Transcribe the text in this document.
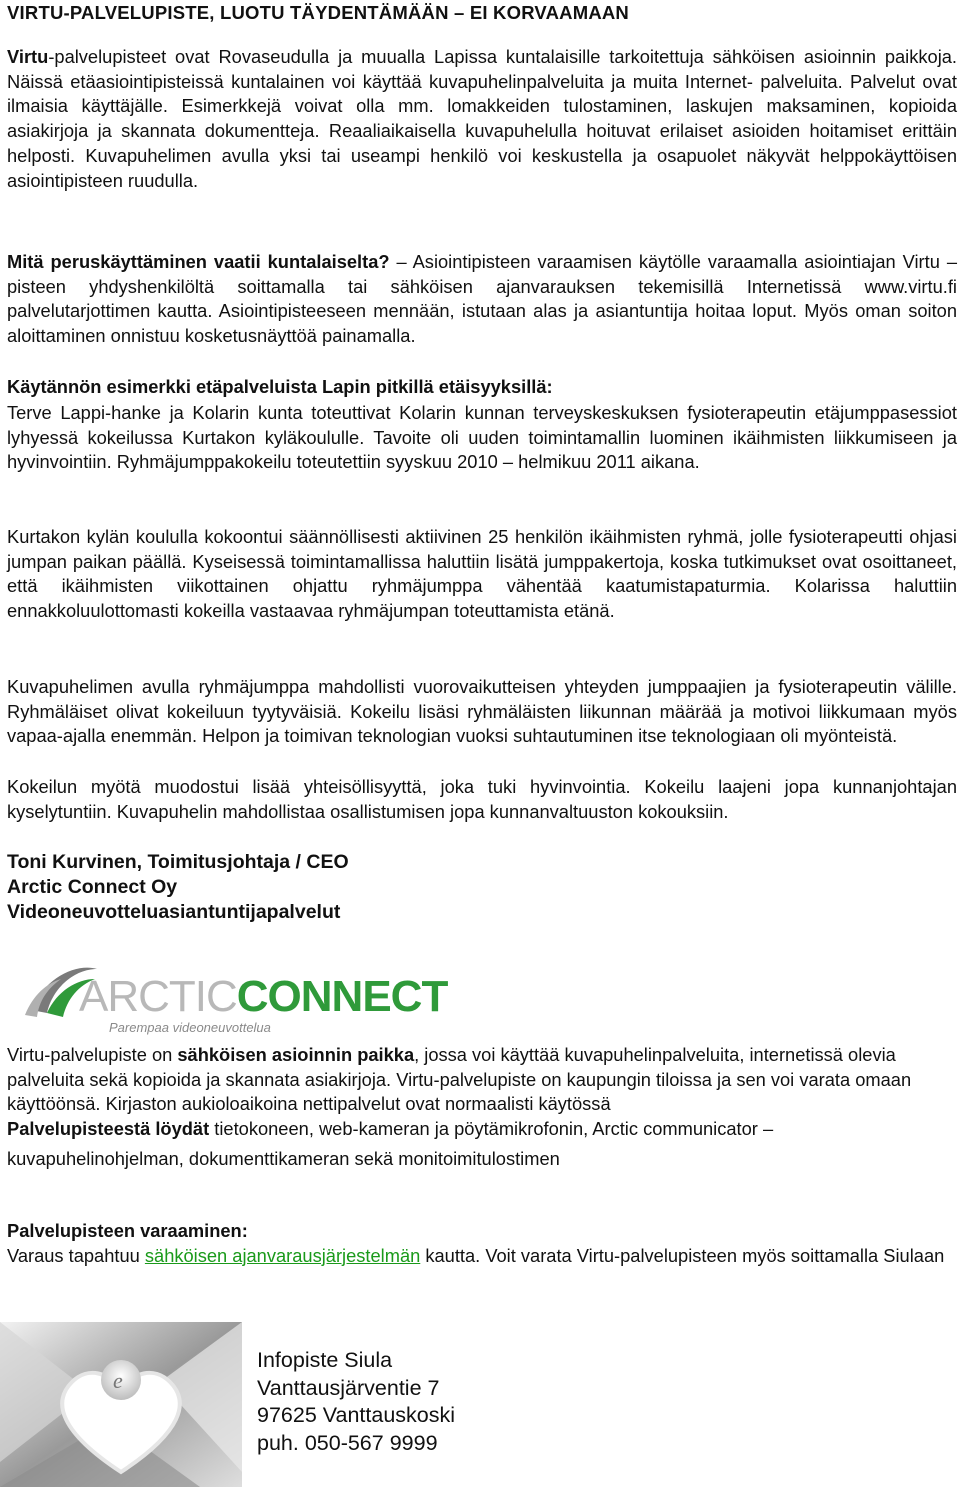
VIRTU-PALVELUPISTE, LUOTU TÄYDENTÄMÄÄN – EI KORVAAMAAN

Virtu-palvelupisteet ovat Rovaseudulla ja muualla Lapissa kuntalaisille tarkoitettuja sähköisen asioinnin paikkoja. Näissä etäasiointipisteissä kuntalainen voi käyttää kuvapuhelinpalveluita ja muita Internet- palveluita. Palvelut ovat ilmaisia käyttäjälle. Esimerkkejä voivat olla mm. lomakkeiden tulostaminen, laskujen maksaminen, kopioida asiakirjoja ja skannata dokumentteja. Reaaliaikaisella kuvapuhelulla hoituvat erilaiset asioiden hoitamiset erittäin helposti. Kuvapuhelimen avulla yksi tai useampi henkilö voi keskustella ja osapuolet näkyvät helppokäyttöisen asiointipisteen ruudulla.

Mitä peruskäyttäminen vaatii kuntalaiselta? – Asiointipisteen varaamisen käytölle varaamalla asiointiajan Virtu – pisteen yhdyshenkilöltä soittamalla tai sähköisen ajanvarauksen tekemisillä Internetissä www.virtu.fi palvelutarjottimen kautta. Asiointipisteeseen mennään, istutaan alas ja asiantuntija hoitaa loput. Myös oman soiton aloittaminen onnistuu kosketusnäyttöä painamalla.

Käytännön esimerkki etäpalveluista Lapin pitkillä etäisyyksillä:

Terve Lappi-hanke ja Kolarin kunta toteuttivat Kolarin kunnan terveyskeskuksen fysioterapeutin etäjumppasessiot lyhyessä kokeilussa Kurtakon kyläkoululle. Tavoite oli uuden toimintamallin luominen ikäihmisten liikkumiseen ja hyvinvointiin. Ryhmäjumppakokeilu toteutettiin syyskuu 2010 – helmikuu 2011 aikana.

Kurtakon kylän koululla kokoontui säännöllisesti aktiivinen 25 henkilön ikäihmisten ryhmä, jolle fysioterapeutti ohjasi jumpan paikan päällä. Kyseisessä toimintamallissa haluttiin lisätä jumppakertoja, koska tutkimukset ovat osoittaneet, että ikäihmisten viikottainen ohjattu ryhmäjumppa vähentää kaatumistapaturmia. Kolarissa haluttiin ennakkoluulottomasti kokeilla vastaavaa ryhmäjumpan toteuttamista etänä.

Kuvapuhelimen avulla ryhmäjumppa mahdollisti vuorovaikutteisen yhteyden jumppaajien ja fysioterapeutin välille. Ryhmäläiset olivat kokeiluun tyytyväisiä. Kokeilu lisäsi ryhmäläisten liikunnan määrää ja motivoi liikkumaan myös vapaa-ajalla enemmän. Helpon ja toimivan teknologian vuoksi suhtautuminen itse teknologiaan oli myönteistä.

Kokeilun myötä muodostui lisää yhteisöllisyyttä, joka tuki hyvinvointia. Kokeilu laajeni jopa kunnanjohtajan kyselytuntiin. Kuvapuhelin mahdollistaa osallistumisen jopa kunnanvaltuuston kokouksiin.

Toni Kurvinen, Toimitusjohtaja / CEO
Arctic Connect Oy
Videoneuvotteluasiantuntijapalvelut
ARCTICCONNECT
Parempaa videoneuvottelua
Virtu-palvelupiste on sähköisen asioinnin paikka, jossa voi käyttää kuvapuhelinpalveluita, internetissä olevia palveluita sekä kopioida ja skannata asiakirjoja. Virtu-palvelupiste on kaupungin tiloissa ja sen voi varata omaan käyttöönsä. Kirjaston aukioloaikoina nettipalvelut ovat normaalisti käytössä
Palvelupisteestä löydät tietokoneen, web-kameran ja pöytämikrofonin, Arctic communicator –
kuvapuhelinohjelman, dokumenttikameran sekä monitoimitulostimen
Palvelupisteen varaaminen:
Varaus tapahtuu sähköisen ajanvarausjärjestelmän kautta. Voit varata Virtu-palvelupisteen myös soittamalla Siulaan
e
Infopiste Siula
Vanttausjärventie 7
97625 Vanttauskoski
puh. 050-567 9999
